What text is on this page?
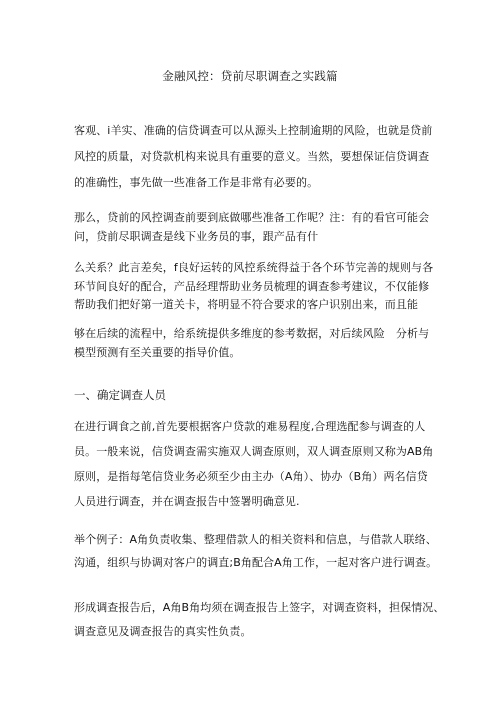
金融风控：贷前尽职调查之实践篇
客观、i羊实、准确的信贷调查可以从源头上控制逾期的风险，也就是贷前
风控的质量，对贷款机构来说具有重要的意义。当然，要想保证信贷调查
的准确性，事先做一些准备工作是非常有必要的。
那么，贷前的风控调查前要到底做哪些准备工作呢？注：有的看官可能会
问，贷前尽职调查是线下业务员的事，跟产品有什
么关系？此言差矣，f良好运转的风控系统得益于各个环节完善的规则与各
环节间良好的配合，产品经理帮助业务员梳理的调查参考建议，不仅能修
帮助我们把好第一道关卡，将明显不符合要求的客户识别出来，而且能
够在后续的流程中，给系统提供多维度的参考数据，对后续风险　分析与
模型预测有至关重要的指导价值。
一、确定调查人员
在进行调食之前,首先要根据客户贷款的难易程度,合理选配参与调查的人
员。一般来说，信贷调查需实施双人调查原则，双人调查原则又称为AB角
原则，是指每笔信贷业务必须至少由主办（A角）、协办（B角）两名信贷
人员进行调查，并在调查报告中签署明确意见.
举个例子：A角负责收集、整理借款人的相关资料和信息，与借款人联络、
沟通，组织与协调对客户的调直;B角配合A角工作，一起对客户进行调查。
形成调查报告后，A角B角均须在调查报告上签字，对调查资料，担保情况、
调查意见及调查报告的真实性负责。
